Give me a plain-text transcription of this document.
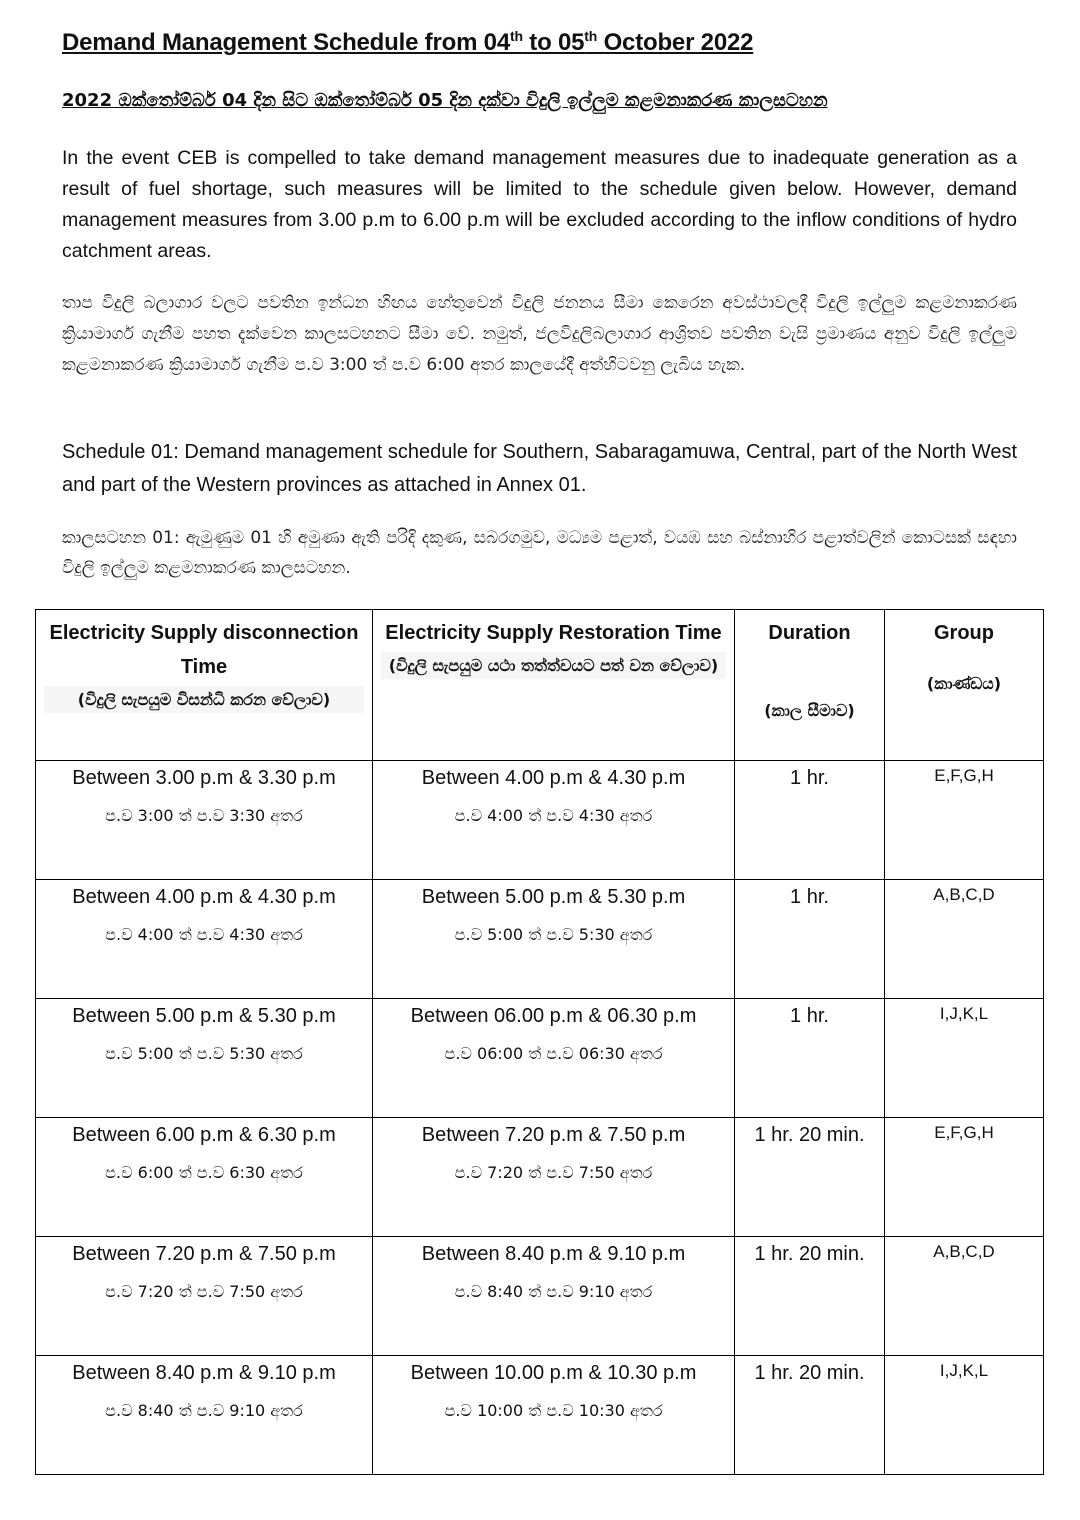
Demand Management Schedule from 04th to 05th October 2022
2022 ඔක්තෝම්බර් 04 දින සිට ඔක්තෝම්බර් 05 දින දක්වා විදුලි ඉල්ලුම කළමනාකරණ කාලසටහන

In the event CEB is compelled to take demand management measures due to inadequate generation as a result of fuel shortage, such measures will be limited to the schedule given below. However, demand management measures from 3.00 p.m to 6.00 p.m will be excluded according to the inflow conditions of hydro catchment areas.

තාප විදුලි බලාගාර වලට පවතින ඉන්ධන හිඟය හේතුවෙන් විදුලි ජනනය සීමා කෙරෙන අවස්ථාවලදී විදුලි ඉල්ලුම කළමනාකරණ ක්‍රියාමාර්ග ගැනීම පහත දැක්වෙන කාලසටහනට සීමා වේ. නමුත්, ජලවිදුලිබලාගාර ආශ්‍රිතව පවතින වැසි ප්‍රමාණය අනුව විදුලි ඉල්ලුම කළමනාකරණ ක්‍රියාමාර්ග ගැනීම ප.ව 3:00 ත් ප.ව 6:00 අතර කාලයේදී අත්හිටවනු ලැබිය හැක.

Schedule 01: Demand management schedule for Southern, Sabaragamuwa, Central, part of the North West and part of the Western provinces as attached in Annex 01.

කාලසටහන 01: ඇමුණුම 01 හි අමුණා ඇති පරිදි දකුණ, සබරගමුව, මධ්‍යම පළාත්, වයඹ සහ බස්නාහිර පළාත්වලින් කොටසක් සඳහා විදුලි ඉල්ලුම කළමනාකරණ කාලසටහන.

Electricity Supply disconnection Time
(විදුලි සැපයුම විසන්ධි කරන වේලාව)	Electricity Supply Restoration Time
(විදුලි සැපයුම යථා තත්ත්වයට පත් වන වේලාව)	Duration
(කාල සීමාව)	Group
(කාණ්ඩය)

Between 3.00 p.m & 3.30 p.m
ප.ව 3:00 ත් ප.ව 3:30 අතර	Between 4.00 p.m & 4.30 p.m
ප.ව 4:00 ත් ප.ව 4:30 අතර	1 hr.	E,F,G,H

Between 4.00 p.m & 4.30 p.m
ප.ව 4:00 ත් ප.ව 4:30 අතර	Between 5.00 p.m & 5.30 p.m
ප.ව 5:00 ත් ප.ව 5:30 අතර	1 hr.	A,B,C,D

Between 5.00 p.m & 5.30 p.m
ප.ව 5:00 ත් ප.ව 5:30 අතර	Between 06.00 p.m & 06.30 p.m
ප.ව 06:00 ත් ප.ව 06:30 අතර	1 hr.	I,J,K,L

Between 6.00 p.m & 6.30 p.m
ප.ව 6:00 ත් ප.ව 6:30 අතර	Between 7.20 p.m & 7.50 p.m
ප.ව 7:20 ත් ප.ව 7:50 අතර	1 hr. 20 min.	E,F,G,H

Between 7.20 p.m & 7.50 p.m
ප.ව 7:20 ත් ප.ව 7:50 අතර	Between 8.40 p.m & 9.10 p.m
ප.ව 8:40 ත් ප.ව 9:10 අතර	1 hr. 20 min.	A,B,C,D

Between 8.40 p.m & 9.10 p.m
ප.ව 8:40 ත් ප.ව 9:10 අතර	Between 10.00 p.m & 10.30 p.m
ප.ව 10:00 ත් ප.ව 10:30 අතර	1 hr. 20 min.	I,J,K,L
